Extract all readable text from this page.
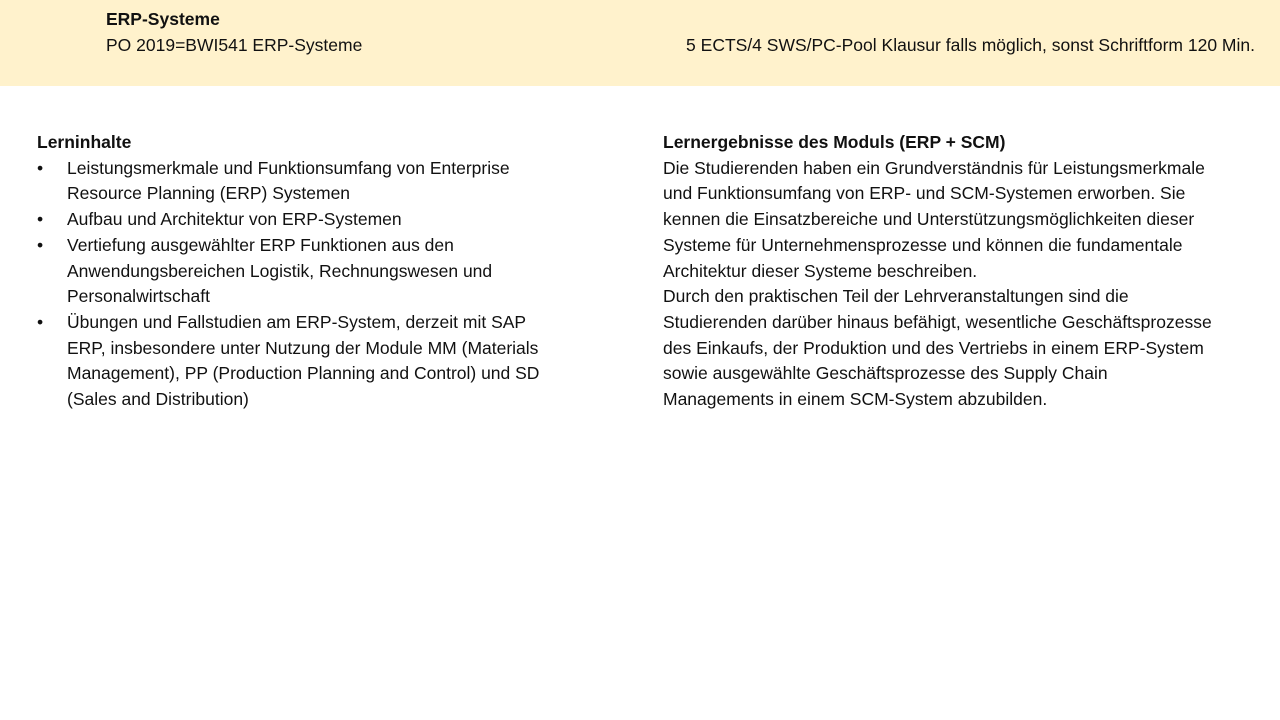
ERP-Systeme
PO 2019=BWI541 ERP-Systeme	5 ECTS/4 SWS/PC-Pool Klausur falls möglich, sonst Schriftform 120 Min.
Lerninhalte
• Leistungsmerkmale und Funktionsumfang von Enterprise Resource Planning (ERP) Systemen
• Aufbau und Architektur von ERP-Systemen
• Vertiefung ausgewählter ERP Funktionen aus den Anwendungsbereichen Logistik, Rechnungswesen und Personalwirtschaft
• Übungen und Fallstudien am ERP-System, derzeit mit SAP ERP, insbesondere unter Nutzung der Module MM (Materials Management), PP (Production Planning and Control) und SD (Sales and Distribution)
Lernergebnisse des Moduls (ERP + SCM)

Die Studierenden haben ein Grundverständnis für Leistungsmerkmale und Funktionsumfang von ERP- und SCM-Systemen erworben. Sie kennen die Einsatzbereiche und Unterstützungsmöglichkeiten dieser Systeme für Unternehmensprozesse und können die fundamentale Architektur dieser Systeme beschreiben.

Durch den praktischen Teil der Lehrveranstaltungen sind die Studierenden darüber hinaus befähigt, wesentliche Geschäftsprozesse des Einkaufs, der Produktion und des Vertriebs in einem ERP-System sowie ausgewählte Geschäftsprozesse des Supply Chain Managements in einem SCM-System abzubilden.
